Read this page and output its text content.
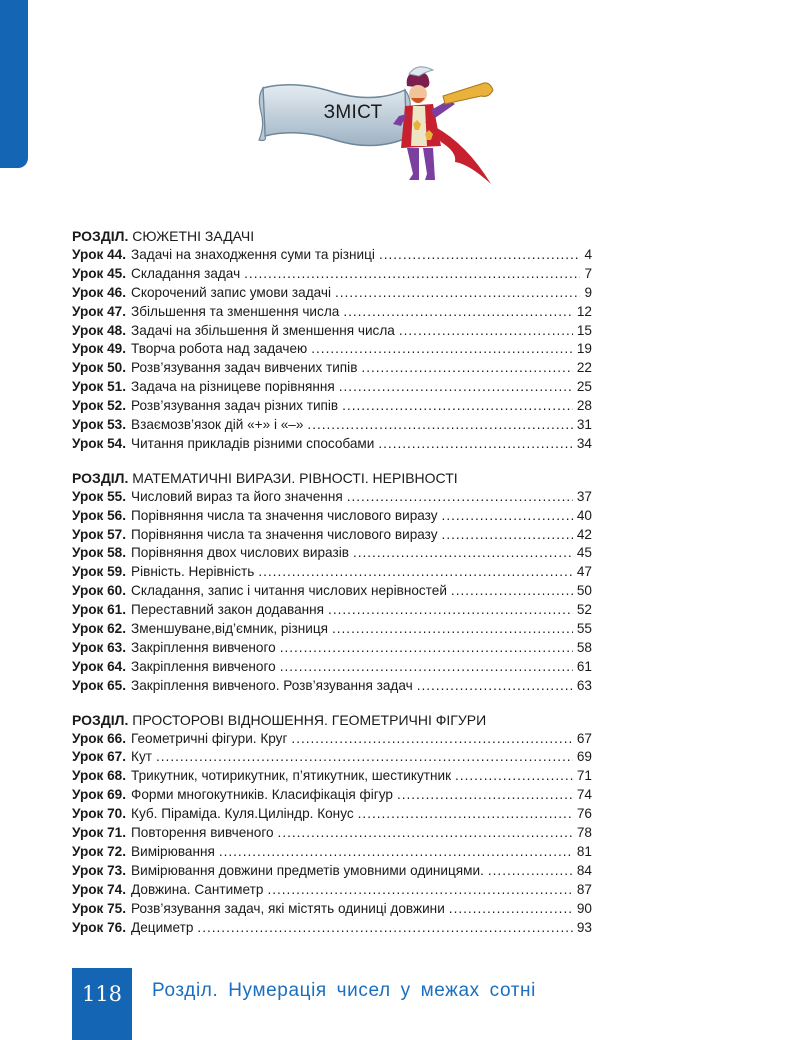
ЗМІСТ
РОЗДІЛ. СЮЖЕТНІ ЗАДАЧІ
Урок 44. Задачі на знаходження суми та різниці .....	4
Урок 45. Складання задач .....	7
Урок 46. Скорочений запис умови задачі .....	9
Урок 47. Збільшення та зменшення числа .....	12
Урок 48. Задачі на збільшення й зменшення числа .....	15
Урок 49. Творча робота над задачею .....	19
Урок 50. Розв’язування задач вивчених типів .....	22
Урок 51. Задача на різницеве порівняння .....	25
Урок 52. Розв’язування задач різних типів .....	28
Урок 53. Взаємозв’язок дій «+» і «–» .....	31
Урок 54. Читання прикладів різними способами .....	34
РОЗДІЛ. МАТЕМАТИЧНІ ВИРАЗИ. РІВНОСТІ. НЕРІВНОСТІ
Урок 55. Числовий вираз та його значення .....	37
Урок 56. Порівняння числа та значення числового виразу .....	40
Урок 57. Порівняння числа та значення числового виразу .....	42
Урок 58. Порівняння двох числових виразів .....	45
Урок 59. Рівність. Нерівність .....	47
Урок 60. Складання, запис і читання числових нерівностей .....	50
Урок 61. Переставний закон додавання .....	52
Урок 62. Зменшуване,від’ємник, різниця .....	55
Урок 63. Закріплення вивченого .....	58
Урок 64. Закріплення вивченого .....	61
Урок 65. Закріплення вивченого. Розв’язування задач .....	63
РОЗДІЛ. ПРОСТОРОВІ ВІДНОШЕННЯ. ГЕОМЕТРИЧНІ ФІГУРИ
Урок 66. Геометричні фігури. Круг .....	67
Урок 67. Кут .....	69
Урок 68. Трикутник, чотирикутник, п’ятикутник, шестикутник .....	71
Урок 69. Форми многокутників. Класифікація фігур .....	74
Урок 70. Куб. Піраміда. Куля.Циліндр. Конус .....	76
Урок 71. Повторення вивченого .....	78
Урок 72. Вимірювання .....	81
Урок 73. Вимірювання довжини предметів умовними одиницями. .....	84
Урок 74. Довжина. Сантиметр .....	87
Урок 75. Розв’язування задач, які містять одиниці довжини .....	90
Урок 76. Дециметр .....	93
118	Розділ. Нумерація чисел у межах сотні
